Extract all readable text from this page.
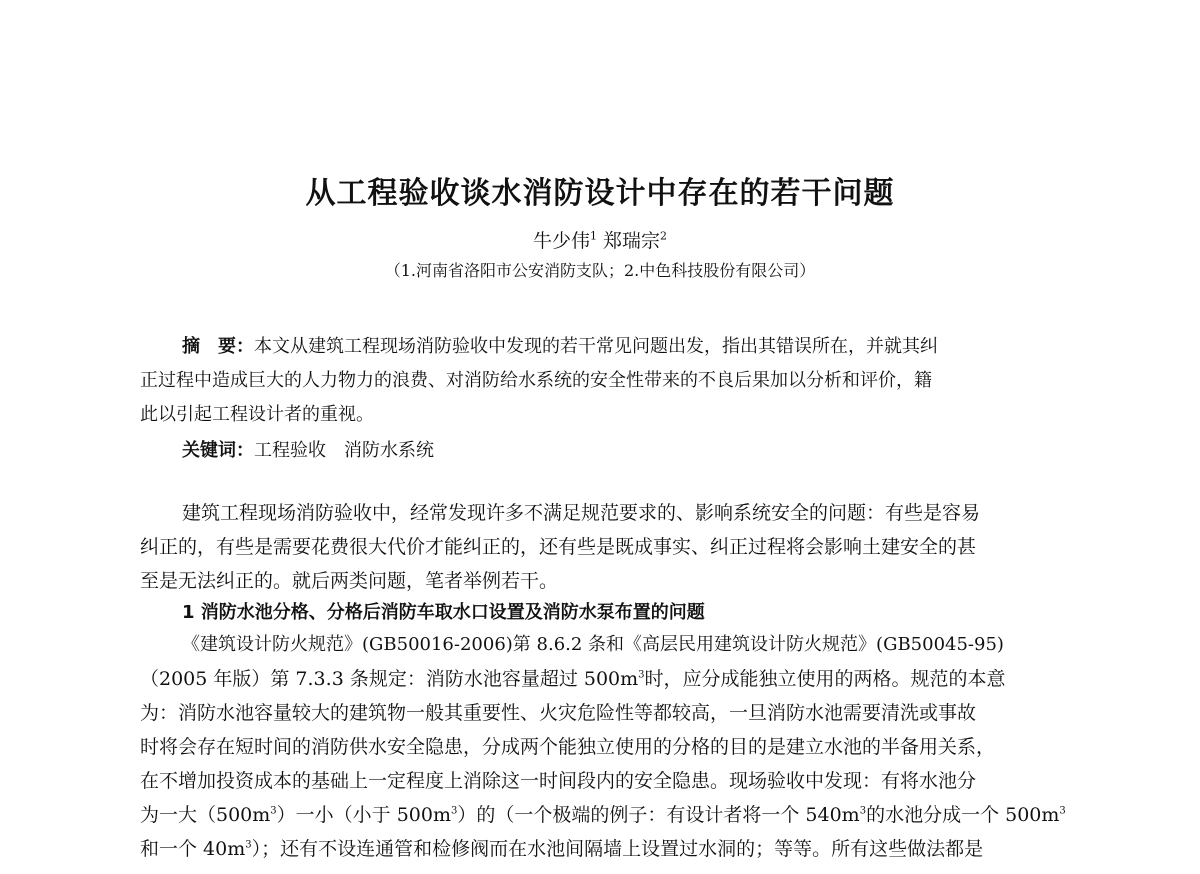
从工程验收谈水消防设计中存在的若干问题
牛少伟$^1$ 郑瑞宗$^2$
（1.河南省洛阳市公安消防支队；2.中色科技股份有限公司）
摘　要：本文从建筑工程现场消防验收中发现的若干常见问题出发，指出其错误所在，并就其纠
正过程中造成巨大的人力物力的浪费、对消防给水系统的安全性带来的不良后果加以分析和评价，籍
此以引起工程设计者的重视。
关键词：工程验收　消防水系统
建筑工程现场消防验收中，经常发现许多不满足规范要求的、影响系统安全的问题：有些是容易
纠正的，有些是需要花费很大代价才能纠正的，还有些是既成事实、纠正过程将会影响土建安全的甚
至是无法纠正的。就后两类问题，笔者举例若干。
1 消防水池分格、分格后消防车取水口设置及消防水泵布置的问题
《建筑设计防火规范》(GB50016-2006)第 8.6.2 条和《高层民用建筑设计防火规范》(GB50045-95)
（2005 年版）第 7.3.3 条规定：消防水池容量超过 $500m^3$时，应分成能独立使用的两格。规范的本意
为：消防水池容量较大的建筑物一般其重要性、火灾危险性等都较高，一旦消防水池需要清洗或事故
时将会存在短时间的消防供水安全隐患，分成两个能独立使用的分格的目的是建立水池的半备用关系，
在不增加投资成本的基础上一定程度上消除这一时间段内的安全隐患。现场验收中发现：有将水池分
为一大$(500m^3)$一小（小于 $500m^3$）的（一个极端的例子：有设计者将一个 $540m^3$的水池分成一个 $500m^3$
和一个 $40m^3$）；还有不设连通管和检修阀而在水池间隔墙上设置过水洞的；等等。所有这些做法都是
